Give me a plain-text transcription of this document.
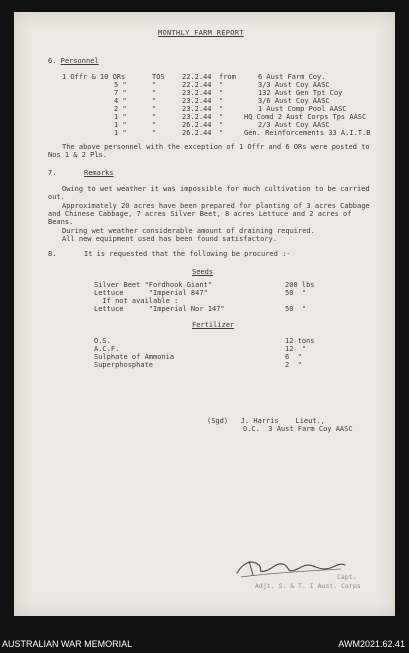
MONTHLY FARM REPORT
6. Personnel
1 Offr & 10 ORs	TOS 22.2.44 from	6 Aust Farm Coy.
5 "	"	22.2.44 "	3/3 Aust Coy AASC
7 "	"	23.2.44 "	132 Aust Gen Tpt Coy
4 "	"	23.2.44 "	3/6 Aust Coy AASC
2 "	"	23.2.44 "	1 Aust Comp Pool AASC
1 "	"	23.2.44 "	HQ Comd 2 Aust Corps Tps AASC
1 "	"	26.2.44 "	2/3 Aust Coy AASC
1 "	"	26.2.44 "	Gen. Reinforcements 33 A.I.T.B
The above personnel with the exception of 1 Offr and 6 ORs were posted to Nos 1 & 2 Pls.
7.	Remarks
Owing to wet weather it was impossible for much cultivation to be carried out.
Approximately 20 acres have been prepared for planting of 3 acres Cabbage and Chinese Cabbage, 7 acres Silver Beet, 8 acres Lettuce and 2 acres of Beans.
During wet weather considerable amount of draining required.
All new equipment used has been found satisfactory.
8.	It is requested that the following be procured :-
Seeds
Silver Beet "Fordhook Giant"	200 lbs
Lettuce      "Imperial 847"	50  "
If not available :
Lettuce      "Imperial Nor 147"	50  "
Fertilizer
O.S.	12 tons
A.C.F.	12  "
Sulphate of Ammonia	6  "
Superphosphate	2  "
(Sgd)   J. Harris    Lieut.,
O.C.  3 Aust Farm Coy AASC
Capt.
Adjt. S. & T. I Aust. Corps
AUSTRALIAN WAR MEMORIAL	AWM2021.62.41
